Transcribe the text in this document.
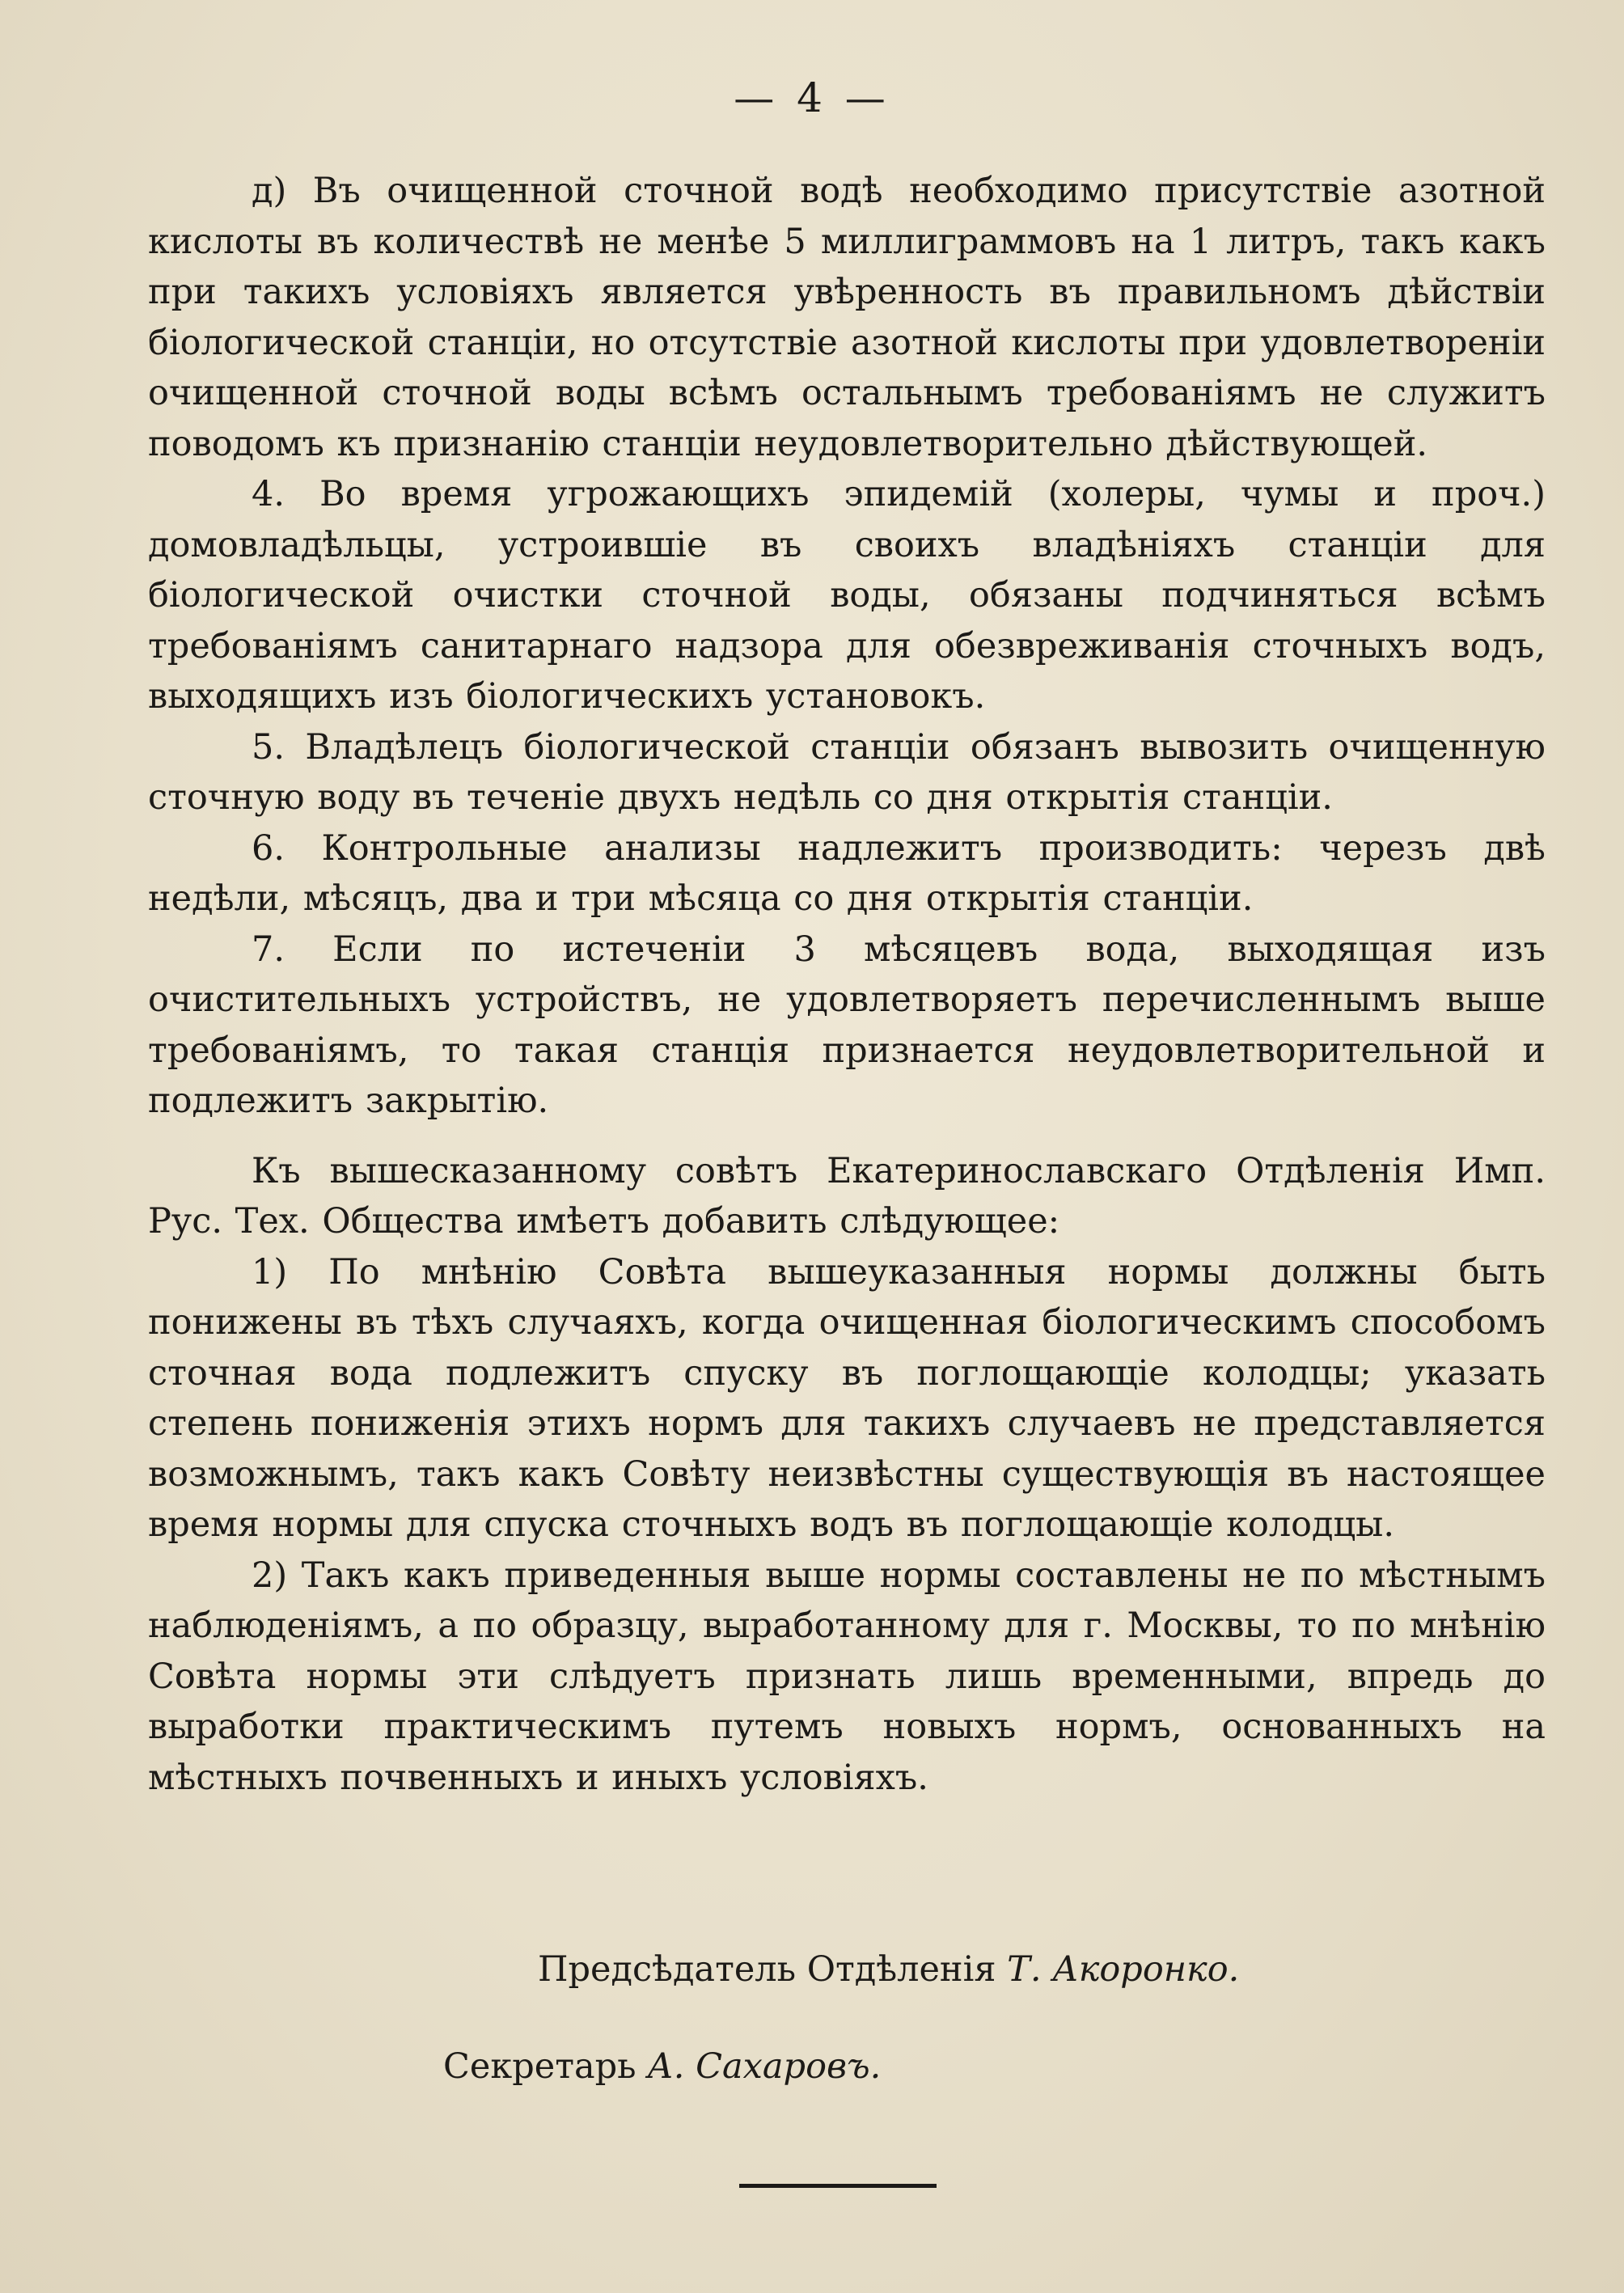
— 4 —

д) Въ очищенной сточной водѣ необходимо присутствіе азотной кислоты въ количествѣ не менѣе 5 миллиграммовъ на 1 литръ, такъ какъ при такихъ условіяхъ является увѣренность въ правильномъ дѣйствіи біологической станціи, но отсутствіе азотной кислоты при удовлетвореніи очищенной сточной воды всѣмъ остальнымъ требованіямъ не служитъ поводомъ къ признанію станціи неудовлетворительно дѣйствующей.

4. Во время угрожающихъ эпидемій (холеры, чумы и проч.) домовладѣльцы, устроившіе въ своихъ владѣніяхъ станціи для біологической очистки сточной воды, обязаны подчиняться всѣмъ требованіямъ санитарнаго надзора для обезвреживанія сточныхъ водъ, выходящихъ изъ біологическихъ установокъ.

5. Владѣлецъ біологической станціи обязанъ вывозить очищенную сточную воду въ теченіе двухъ недѣль со дня открытія станціи.

6. Контрольные анализы надлежитъ производить: черезъ двѣ недѣли, мѣсяцъ, два и три мѣсяца со дня открытія станціи.

7. Если по истеченіи 3 мѣсяцевъ вода, выходящая изъ очистительныхъ устройствъ, не удовлетворяетъ перечисленнымъ выше требованіямъ, то такая станція признается неудовлетворительной и подлежитъ закрытію.

Къ вышесказанному совѣтъ Екатеринославскаго Отдѣленія Имп. Рус. Тех. Общества имѣетъ добавить слѣдующее:

1) По мнѣнію Совѣта вышеуказанныя нормы должны быть понижены въ тѣхъ случаяхъ, когда очищенная біологическимъ способомъ сточная вода подлежитъ спуску въ поглощающіе колодцы; указать степень пониженія этихъ нормъ для такихъ случаевъ не представляется возможнымъ, такъ какъ Совѣту неизвѣстны существующія въ настоящее время нормы для спуска сточныхъ водъ въ поглощающіе колодцы.

2) Такъ какъ приведенныя выше нормы составлены не по мѣстнымъ наблюденіямъ, а по образцу, выработанному для г. Москвы, то по мнѣнію Совѣта нормы эти слѣдуетъ признать лишь временными, впредь до выработки практическимъ путемъ новыхъ нормъ, основанныхъ на мѣстныхъ почвенныхъ и иныхъ условіяхъ.

Предсѣдатель Отдѣленія Т. Акоронко.
Секретарь А. Сахаровъ.
